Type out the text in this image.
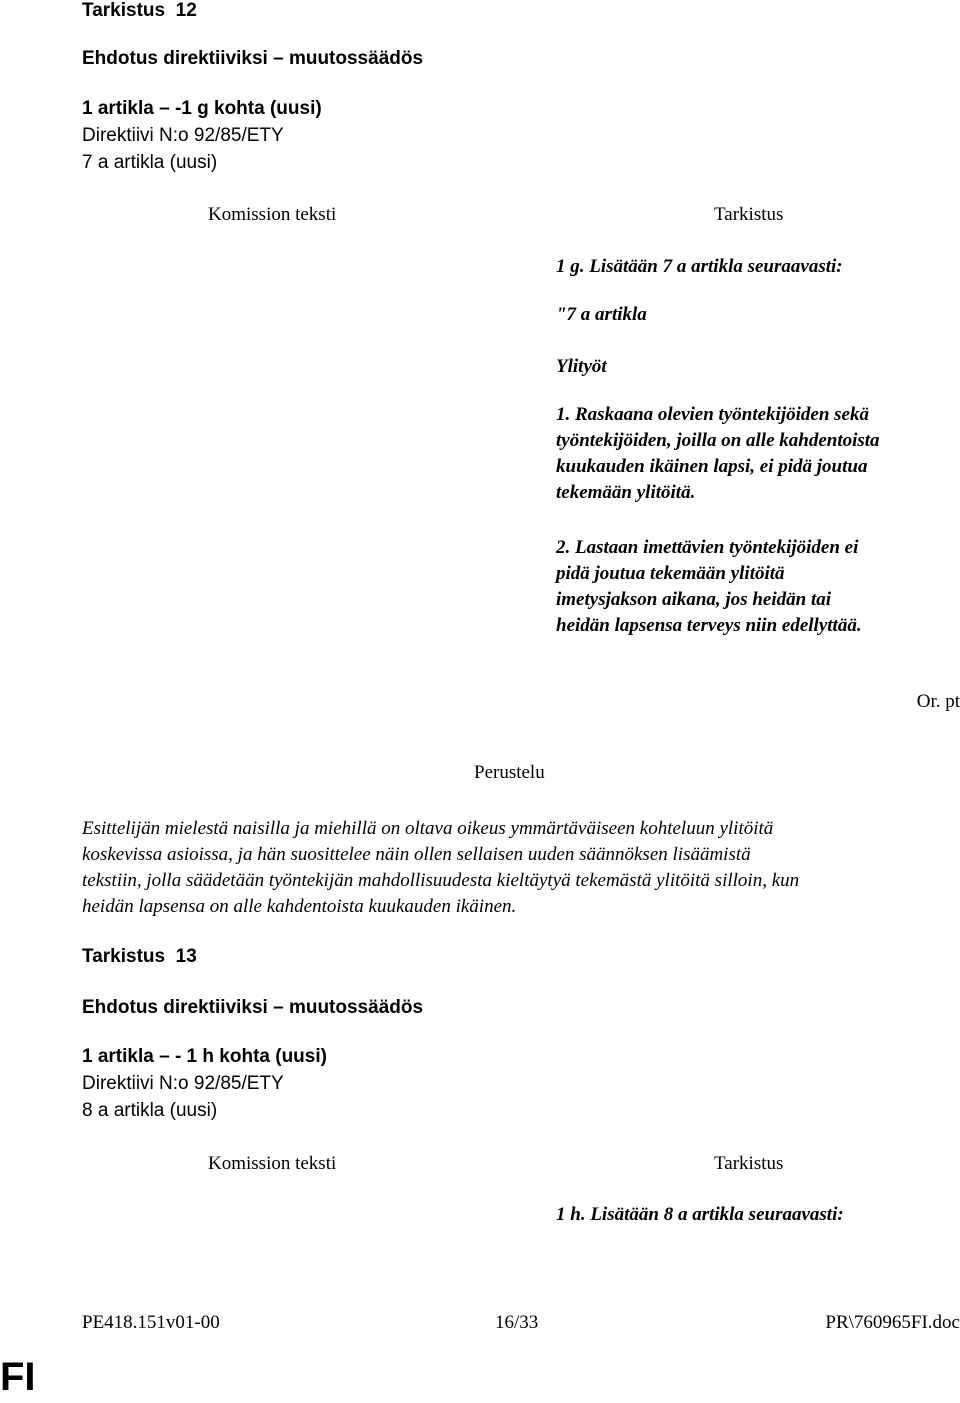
Tarkistus 12
Ehdotus direktiiviksi – muutossäädös
1 artikla – -1 g kohta (uusi)
Direktiivi N:o 92/85/ETY
7 a artikla (uusi)
Komission teksti	Tarkistus
1 g. Lisätään 7 a artikla seuraavasti:
"7 a artikla
Ylityöt
1. Raskaana olevien työntekijöiden sekä
työntekijöiden, joilla on alle kahdentoista
kuukauden ikäinen lapsi, ei pidä joutua
tekemään ylitöitä.
2. Lastaan imettävien työntekijöiden ei
pidä joutua tekemään ylitöitä
imetysjakson aikana, jos heidän tai
heidän lapsensa terveys niin edellyttää.
Or. pt
Perustelu
Esittelijän mielestä naisilla ja miehillä on oltava oikeus ymmärtäväiseen kohteluun ylitöitä
koskevissa asioissa, ja hän suosittelee näin ollen sellaisen uuden säännöksen lisäämistä
tekstiin, jolla säädetään työntekijän mahdollisuudesta kieltäytyä tekemästä ylitöitä silloin, kun
heidän lapsensa on alle kahdentoista kuukauden ikäinen.
Tarkistus 13
Ehdotus direktiiviksi – muutossäädös
1 artikla – - 1 h kohta (uusi)
Direktiivi N:o 92/85/ETY
8 a artikla (uusi)
Komission teksti	Tarkistus
1 h. Lisätään 8 a artikla seuraavasti:
PE418.151v01-00	16/33	PR\760965FI.doc
FI
